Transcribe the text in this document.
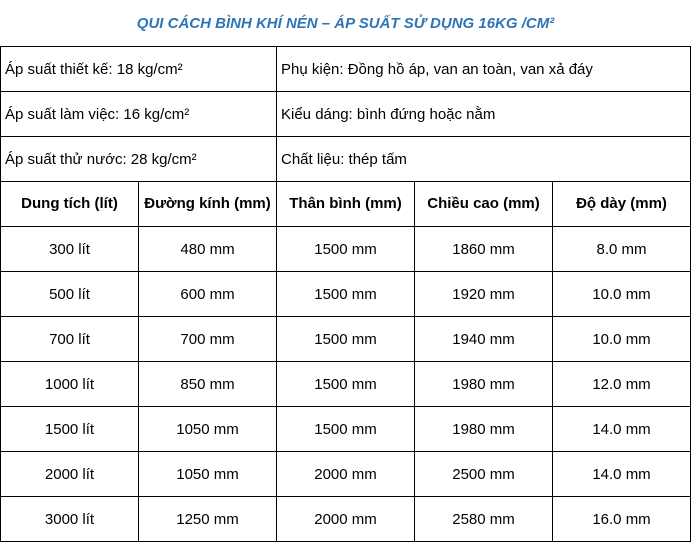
QUI CÁCH BÌNH KHÍ NÉN – ÁP SUẤT SỬ DỤNG 16KG /CM²
Áp suất thiết kế: 18 kg/cm²		Phụ kiện: Đồng hồ áp, van an toàn, van xả đáy		
Áp suất làm việc: 16 kg/cm²		Kiểu dáng: bình đứng hoặc nằm		
Áp suất thử nước: 28 kg/cm²		Chất liệu: thép tấm		
Dung tích (lít)	Đường kính (mm)	Thân bình (mm)	Chiều cao (mm)	Độ dày (mm)
300 lít	480 mm	1500 mm	1860 mm	8.0 mm
500 lít	600 mm	1500 mm	1920 mm	10.0 mm
700 lít	700 mm	1500 mm	1940 mm	10.0 mm
1000 lít	850 mm	1500 mm	1980 mm	12.0 mm
1500 lít	1050 mm	1500 mm	1980 mm	14.0 mm
2000 lít	1050 mm	2000 mm	2500 mm	14.0 mm
3000 lít	1250 mm	2000 mm	2580 mm	16.0 mm
